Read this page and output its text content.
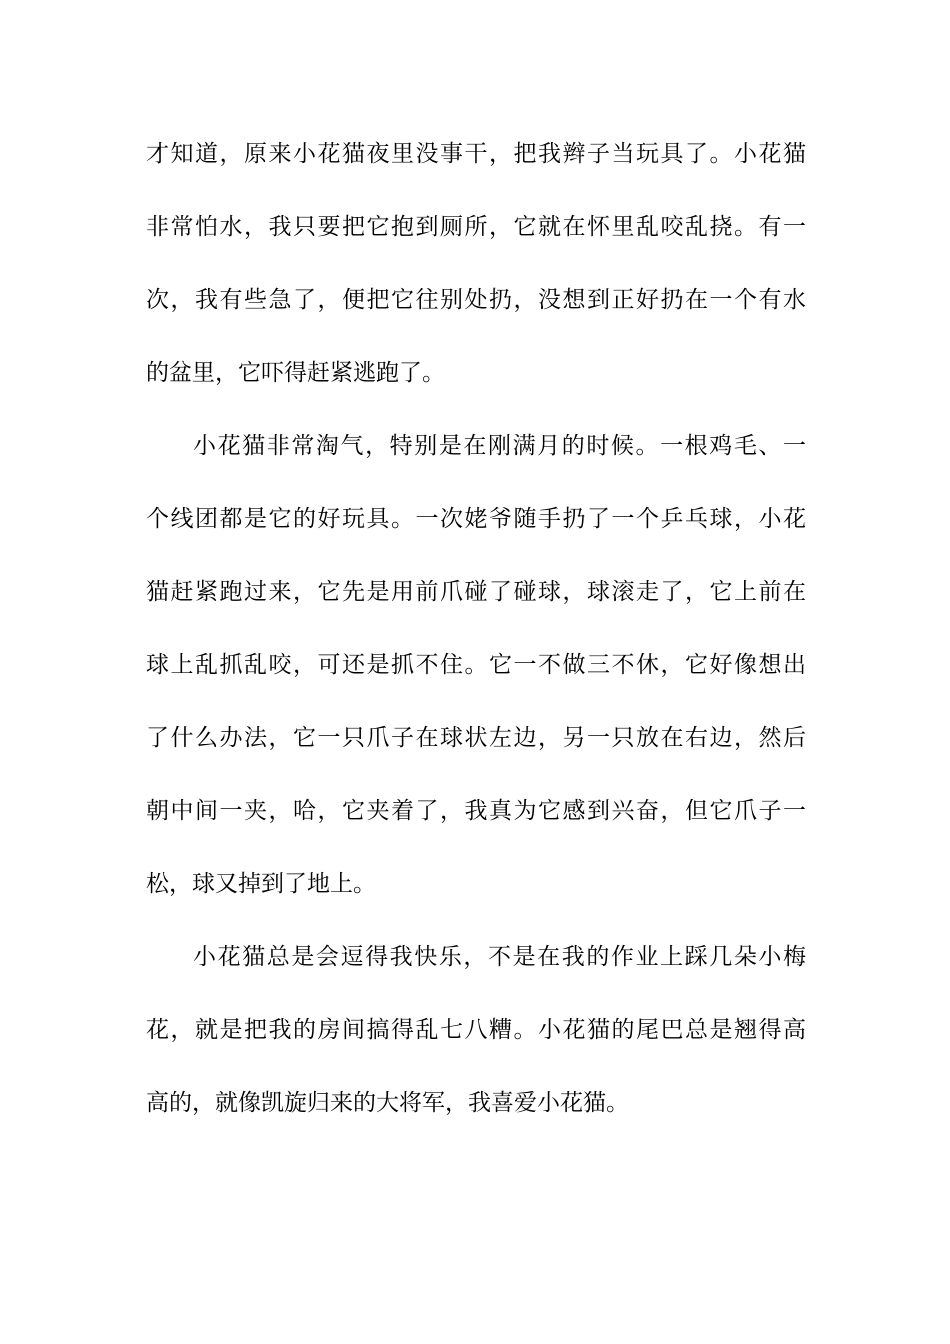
才知道，原来小花猫夜里没事干，把我辫子当玩具了。小花猫
非常怕水，我只要把它抱到厕所，它就在怀里乱咬乱挠。有一
次，我有些急了，便把它往别处扔，没想到正好扔在一个有水
的盆里，它吓得赶紧逃跑了。
小花猫非常淘气，特别是在刚满月的时候。一根鸡毛、一
个线团都是它的好玩具。一次姥爷随手扔了一个乒乓球，小花
猫赶紧跑过来，它先是用前爪碰了碰球，球滚走了，它上前在
球上乱抓乱咬，可还是抓不住。它一不做三不休，它好像想出
了什么办法，它一只爪子在球状左边，另一只放在右边，然后
朝中间一夹，哈，它夹着了，我真为它感到兴奋，但它爪子一
松，球又掉到了地上。
小花猫总是会逗得我快乐，不是在我的作业上踩几朵小梅
花，就是把我的房间搞得乱七八糟。小花猫的尾巴总是翘得高
高的，就像凯旋归来的大将军，我喜爱小花猫。
